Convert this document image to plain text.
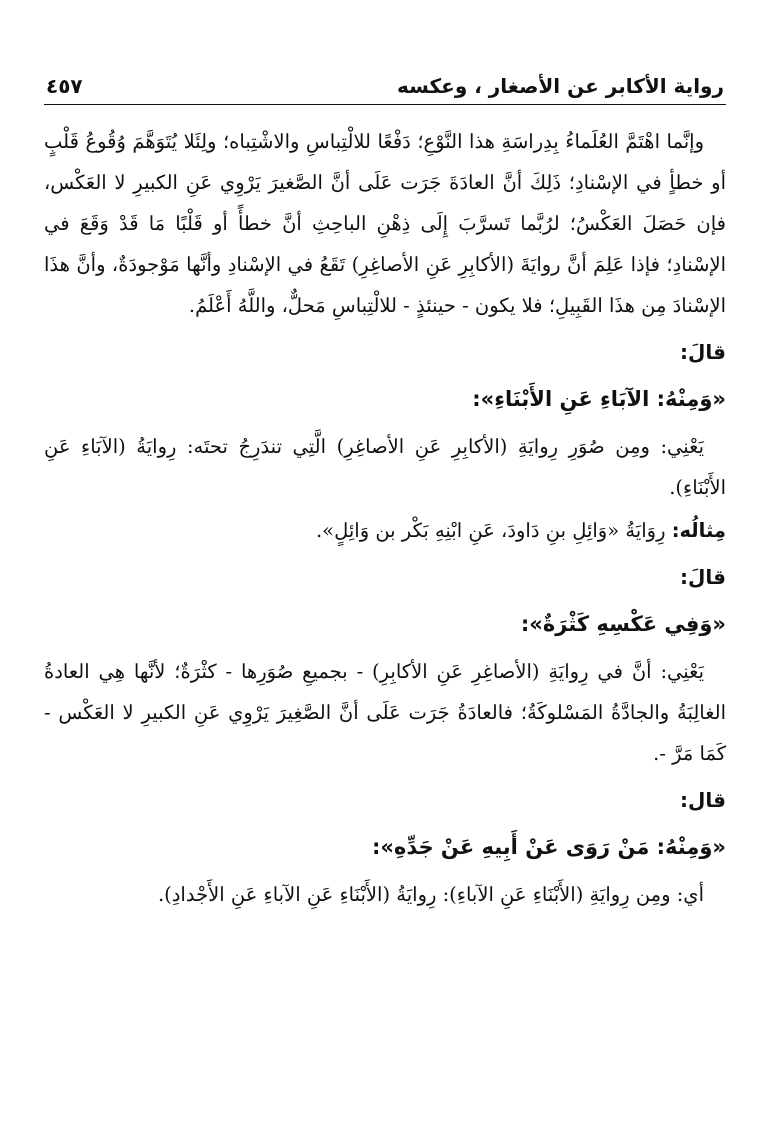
رواية الأكابر عن الأصغار ، وعكسه
٤٥٧

وإنَّما اهْتَمَّ العُلَماءُ بِدِراسَةِ هذا النَّوْعِ؛ دَفْعًا للالْتِباسِ والاشْتِباه؛ ولِئَلا يُتَوَهَّمَ وُقُوعُ قَلْبٍ أو خطأٍ في الإسْنادِ؛ ذَلِكَ أنَّ العادَةَ جَرَت عَلَى أنَّ الصَّغيرَ يَرْوِي عَنِ الكبيرِ لا العَكْس، فإن حَصَلَ العَكْسُ؛ لرُبَّما تَسرَّبَ إِلَى ذِهْنِ الباحِثِ أنَّ خطأً أو قَلْبًا مَا قَدْ وَقَعَ في الإسْنادِ؛ فإذا عَلِمَ أنَّ روايَةَ (الأكابِرِ عَنِ الأصاغِرِ) تَقَعُ في الإسْنادِ وأنَّها مَوْجودَةٌ، وأنَّ هذَا الإسْنادَ مِن هذَا القَبِيلِ؛ فلا يكون - حينئذٍ - للالْتِباسِ مَحلٌّ، واللَّهُ أَعْلَمُ.

قالَ:
«وَمِنْهُ: الآبَاءِ عَنِ الأَبْنَاءِ»:

يَعْنِي: ومِن صُوَرِ رِوايَةِ (الأكابِرِ عَنِ الأصاغِرِ) الَّتِي تندَرِجُ تحتَه: رِوايَةُ (الآبَاءِ عَنِ الأَبْنَاءِ).

مِثالُه: رِوَايَةُ «وَائِلِ بنِ دَاودَ، عَنِ ابْنِهِ بَكْر بن وَائِلٍ».

قالَ:
«وَفِي عَكْسِهِ كَثْرَةٌ»:

يَعْنِي: أنَّ في رِوايَةِ (الأصاغِرِ عَنِ الأكابِرِ) - بجميعِ صُوَرِها - كثْرَةٌ؛ لأنَّها هِي العادةُ الغالِبَةُ والجادَّةُ المَسْلوكَةُ؛ فالعادَةُ جَرَت عَلَى أنَّ الصَّغِيرَ يَرْوِي عَنِ الكبيرِ لا العَكْس - كَمَا مَرَّ -.

قال:
«وَمِنْهُ: مَنْ رَوَى عَنْ أَبِيهِ عَنْ جَدِّهِ»:

أي: ومِن رِوايَةِ (الأَبْنَاءِ عَنِ الآباءِ): رِوايَةُ (الأَبْنَاءِ عَنِ الآباءِ عَنِ الأَجْدادِ).
